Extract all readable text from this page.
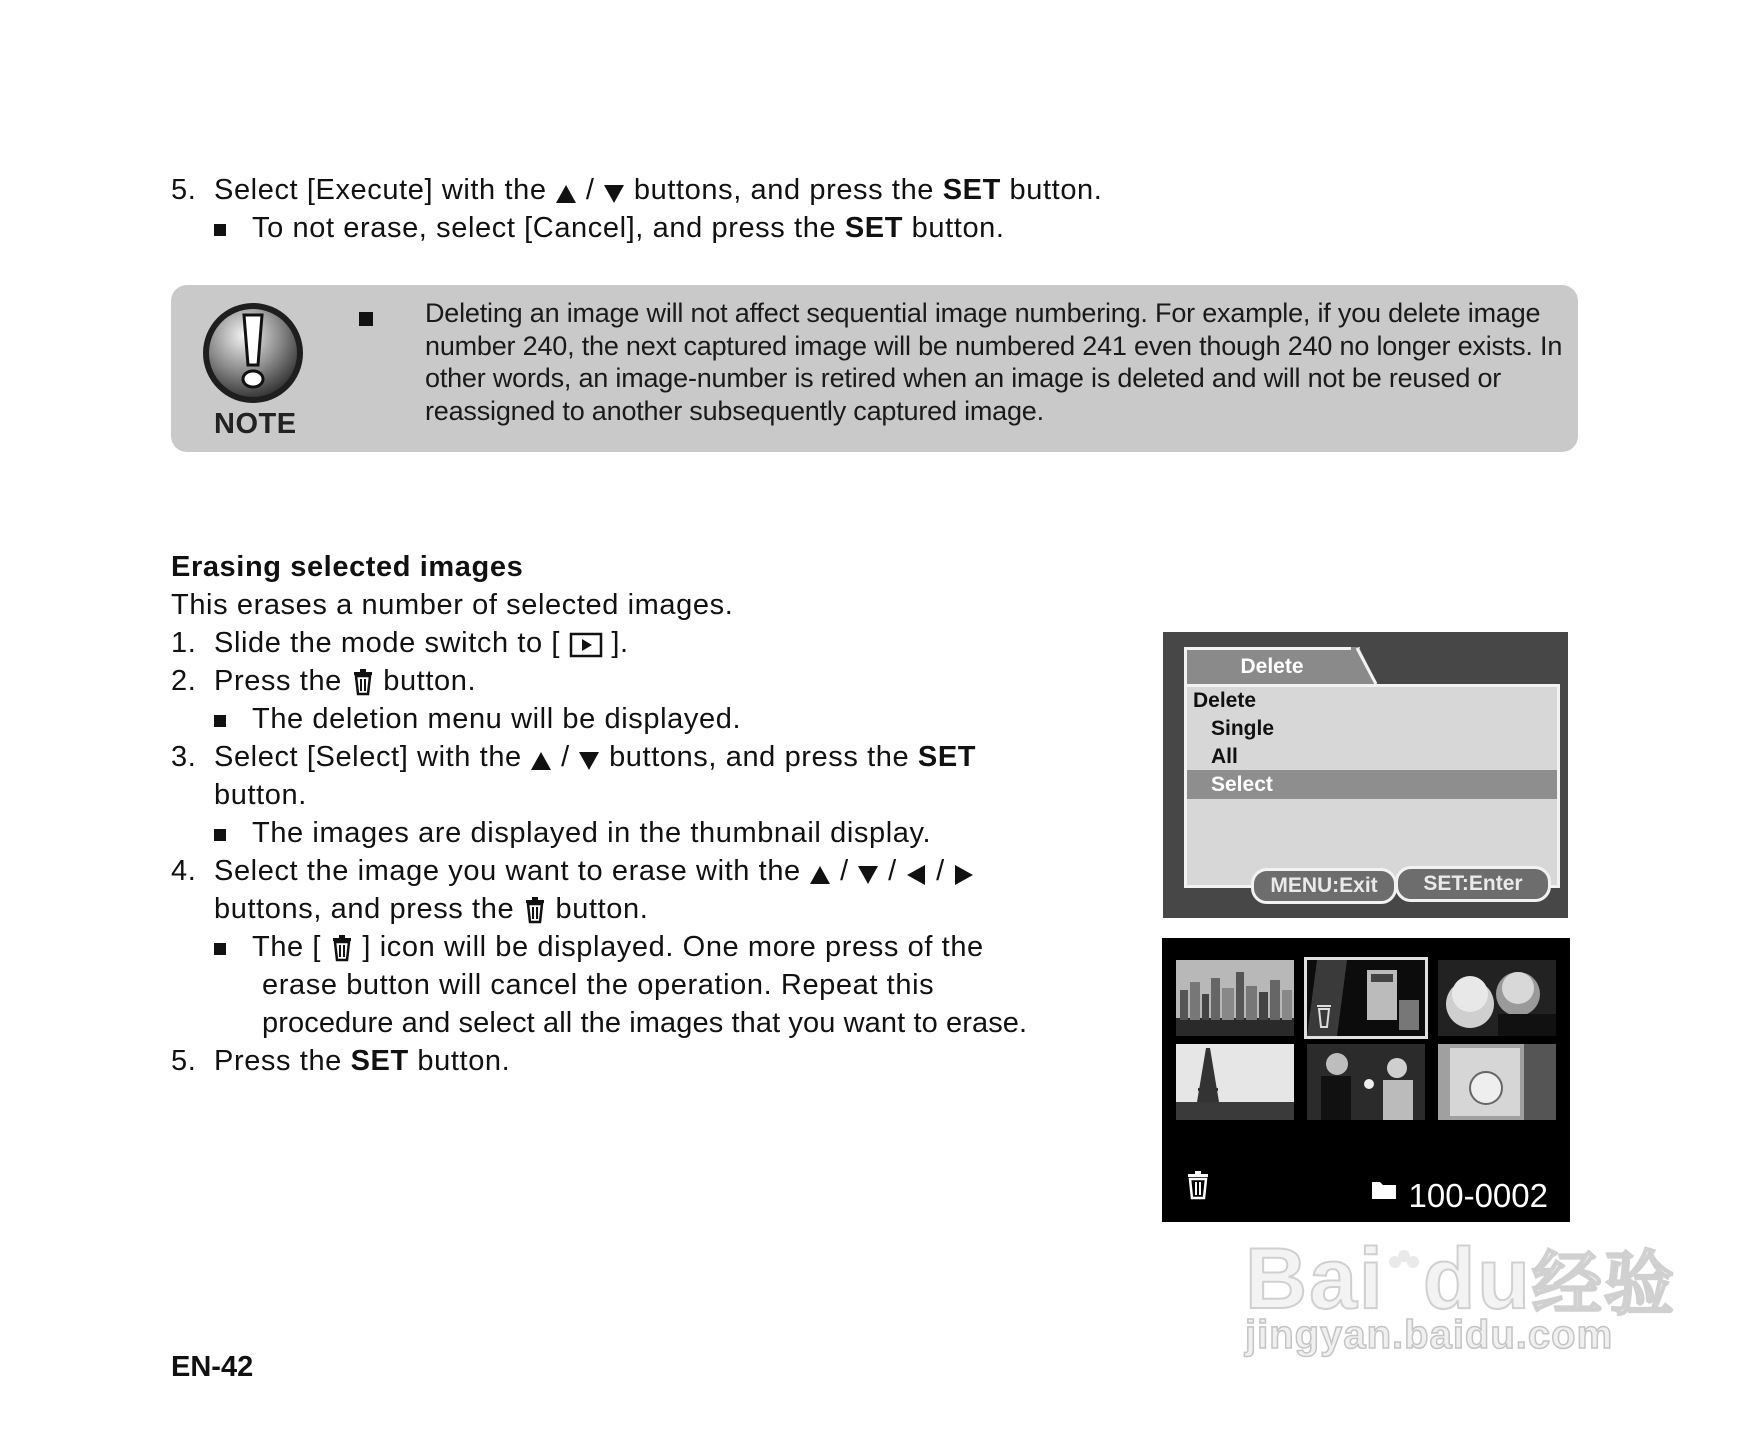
5. Select [Execute] with the  /  buttons, and press the SET button.
To not erase, select [Cancel], and press the SET button.
NOTE
Deleting an image will not affect sequential image numbering. For example, if you delete image number 240, the next captured image will be numbered 241 even though 240 no longer exists. In other words, an image-number is retired when an image is deleted and will not be reused or reassigned to another subsequently captured image.
Erasing selected images
This erases a number of selected images.
1. Slide the mode switch to [  ].
2. Press the  button.
The deletion menu will be displayed.
3. Select [Select] with the  /  buttons, and press the SET
button.
The images are displayed in the thumbnail display.
4. Select the image you want to erase with the  /  /  /
buttons, and press the  button.
The [  ] icon will be displayed. One more press of the
erase button will cancel the operation. Repeat this
procedure and select all the images that you want to erase.
5. Press the SET button.
Delete
Delete
Single
All
Select
MENU:Exit	SET:Enter
100-0002
EN-42
Bai du经验
jingyan.baidu.com
